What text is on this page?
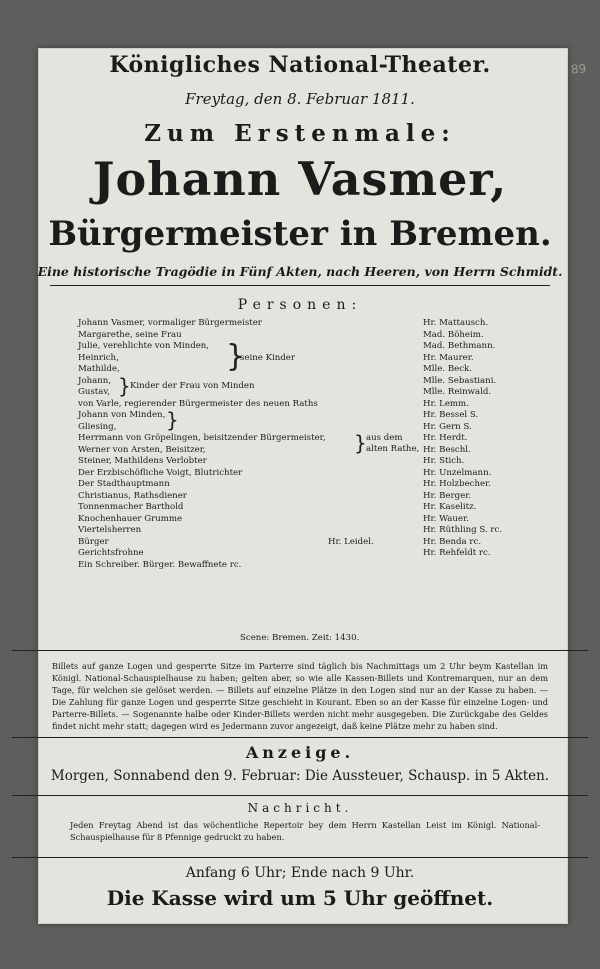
89
Königliches National-Theater.
Freytag, den 8. Februar 1811.
Zum Erstenmale:
Johann Vasmer,
Bürgermeister in Bremen.
Eine historische Tragödie in Fünf Akten, nach Heeren, von Herrn Schmidt.
Personen:
Johann Vasmer, vormaliger Bürgermeister	Hr. Mattausch.
Margarethe, seine Frau	Mad. Böheim.
Julie, verehlichte von Minden,	Mad. Bethmann.
Heinrich,	Hr. Maurer.
Mathilde,	Mlle. Beck.
Johann,	Mlle. Sebastiani.
Gustav,	Mlle. Reinwald.
von Varle, regierender Bürgermeister des neuen Raths	Hr. Lemm.
Johann von Minden,	Hr. Bessel S.
Gliesing,	Hr. Gern S.
Herrmann von Gröpelingen, beisitzender Bürgermeister,	Hr. Herdt.
Werner von Arsten, Beisitzer,	Hr. Beschl.
Steiner, Mathildens Verlobter	Hr. Stich.
Der Erzbischöfliche Voigt, Blutrichter	Hr. Unzelmann.
Der Stadthauptmann	Hr. Holzbecher.
Christianus, Rathsdiener	Hr. Berger.
Tonnenmacher Barthold	Hr. Kaselitz.
Knochenhauer Grumme	Hr. Wauer.
Viertelsherren	Hr. Rüthling S. rc.
Bürger	Hr. Leidel.	Hr. Benda rc.
Gerichtsfrohne	Hr. Rehfeldt rc.
Ein Schreiber. Bürger. Bewaffnete rc.
}
seine Kinder
} Kinder der Frau von Minden
}
} aus dem
alten Rathe,
Scene: Bremen. Zeit: 1430.
Billets auf ganze Logen und gesperrte Sitze im Parterre sind täglich bis Nachmittags um 2 Uhr beym Kastellan im Königl. National-Schauspielhause zu haben; gelten aber, so wie alle Kassen-Billets und Kontremarquen, nur an dem Tage, für welchen sie gelöset werden. — Billets auf einzelne Plätze in den Logen sind nur an der Kasse zu haben. — Die Zahlung für ganze Logen und gesperrte Sitze geschieht in Kourant. Eben so an der Kasse für einzelne Logen- und Parterre-Billets. — Sogenannte halbe oder Kinder-Billets werden nicht mehr ausgegeben. Die Zurückgabe des Geldes findet nicht mehr statt; dagegen wird es Jedermann zuvor angezeigt, daß keine Plätze mehr zu haben sind.
Anzeige.
Morgen, Sonnabend den 9. Februar: Die Aussteuer, Schausp. in 5 Akten.
Nachricht.
Jeden Freytag Abend ist das wöchentliche Repertoir bey dem Herrn Kastellan Leist im Königl. National-Schauspielhause für 8 Pfennige gedruckt zu haben.
Anfang 6 Uhr; Ende nach 9 Uhr.
Die Kasse wird um 5 Uhr geöffnet.
